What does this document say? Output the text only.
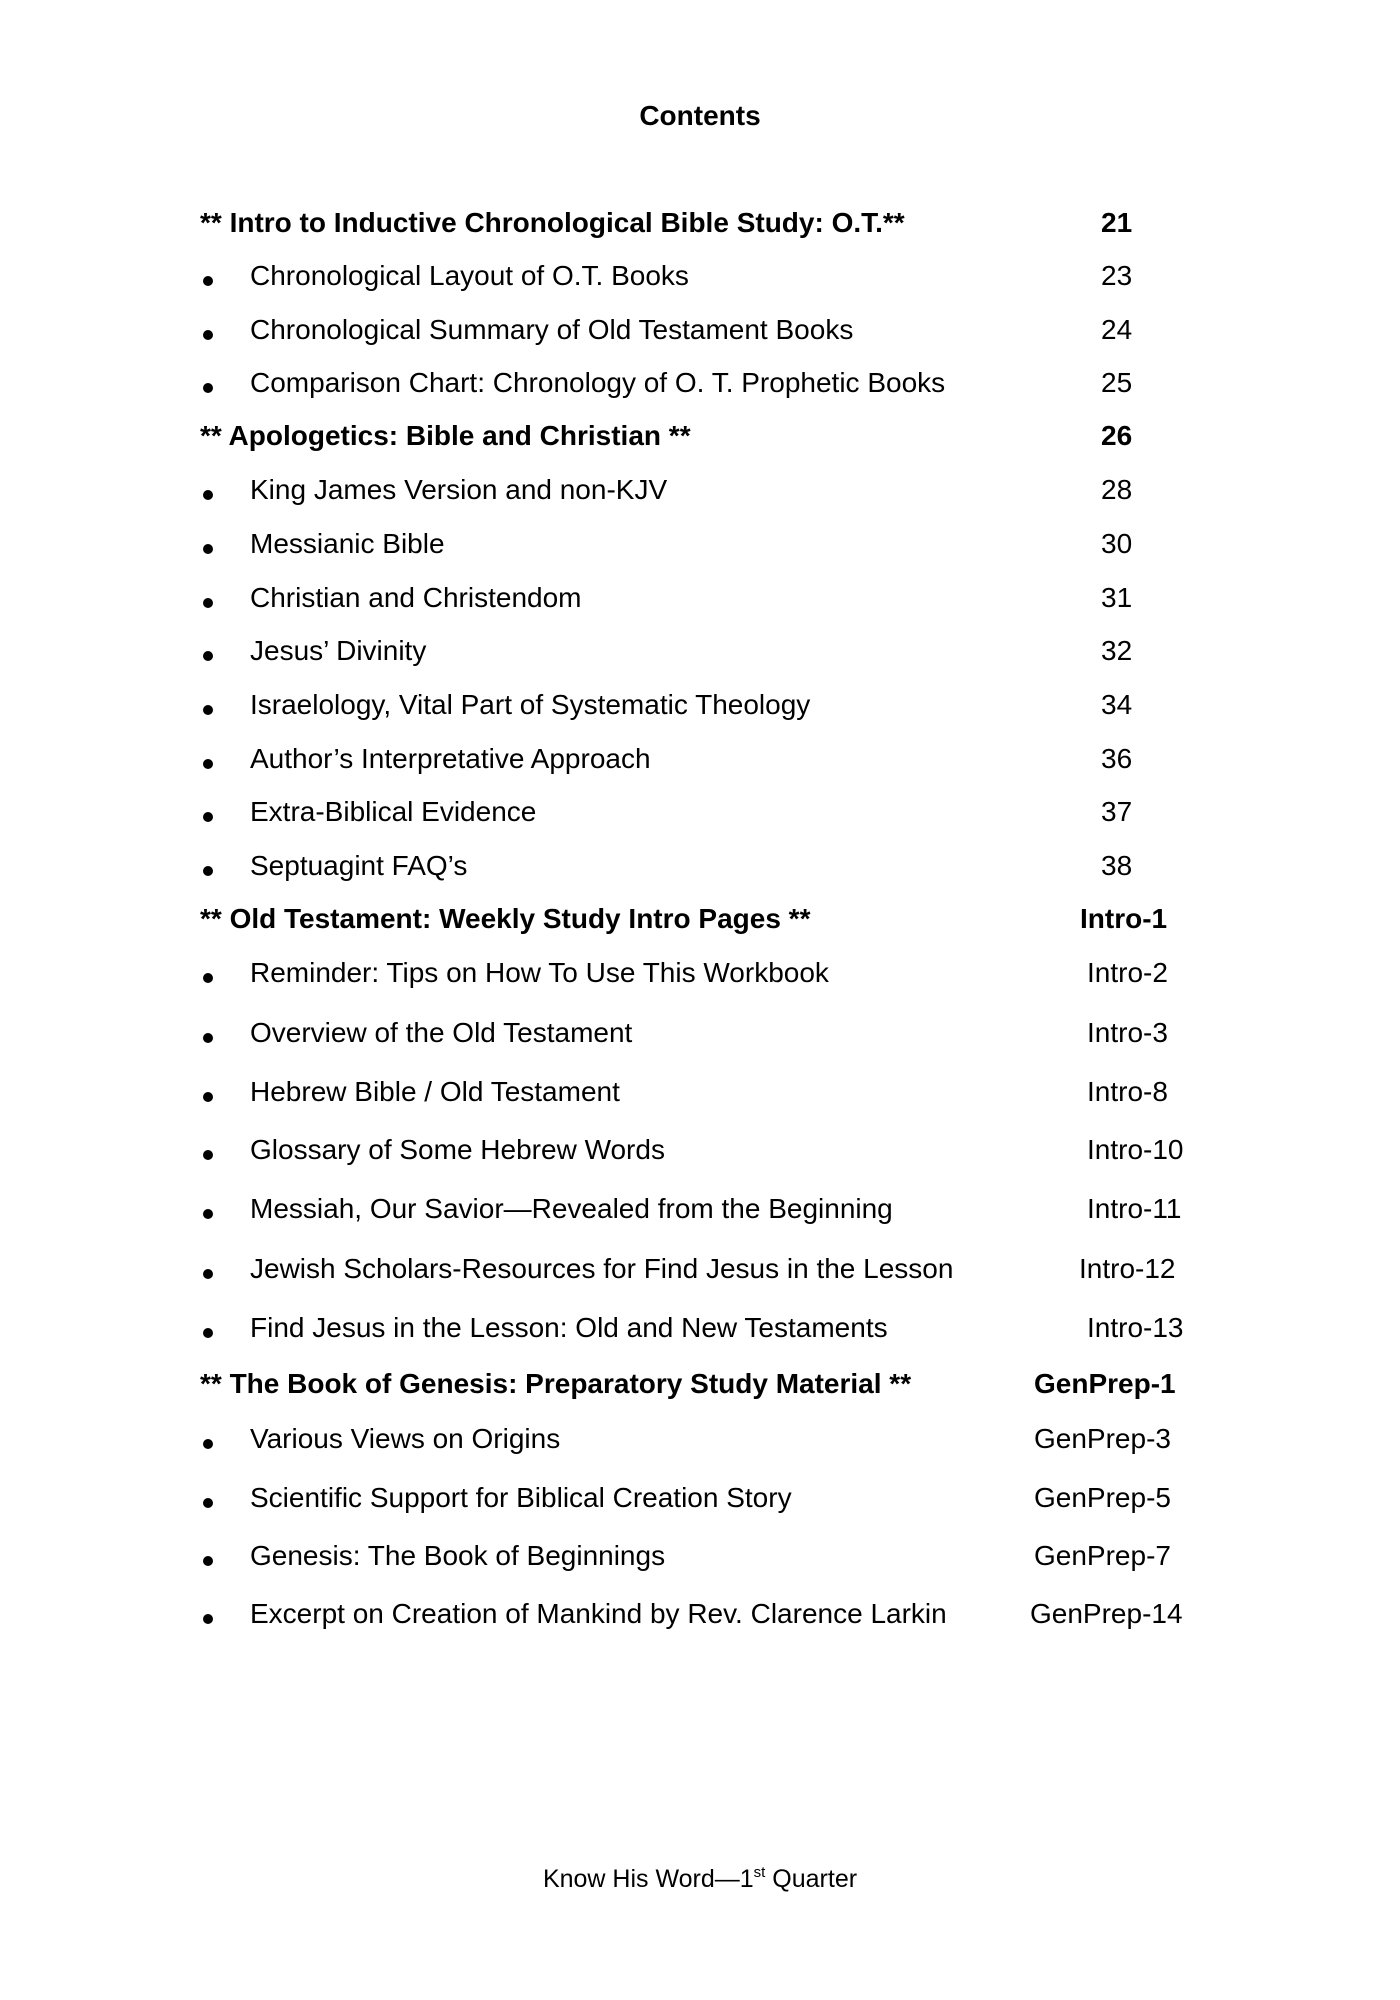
Contents
** Intro to Inductive Chronological Bible Study: O.T.**	21
Chronological Layout of O.T. Books	23
Chronological Summary of Old Testament Books	24
Comparison Chart: Chronology of O. T. Prophetic Books	25
** Apologetics: Bible and Christian **	26
King James Version and non-KJV	28
Messianic Bible	30
Christian and Christendom	31
Jesus’ Divinity	32
Israelology, Vital Part of Systematic Theology	34
Author’s Interpretative Approach	36
Extra-Biblical Evidence	37
Septuagint FAQ’s	38
** Old Testament: Weekly Study Intro Pages **	Intro-1
Reminder: Tips on How To Use This Workbook	Intro-2
Overview of the Old Testament	Intro-3
Hebrew Bible / Old Testament	Intro-8
Glossary of Some Hebrew Words	Intro-10
Messiah, Our Savior—Revealed from the Beginning	Intro-11
Jewish Scholars-Resources for Find Jesus in the Lesson	Intro-12
Find Jesus in the Lesson: Old and New Testaments	Intro-13
** The Book of Genesis: Preparatory Study Material **	GenPrep-1
Various Views on Origins	GenPrep-3
Scientific Support for Biblical Creation Story	GenPrep-5
Genesis: The Book of Beginnings	GenPrep-7
Excerpt on Creation of Mankind by Rev. Clarence Larkin	GenPrep-14
Know His Word—1st Quarter
